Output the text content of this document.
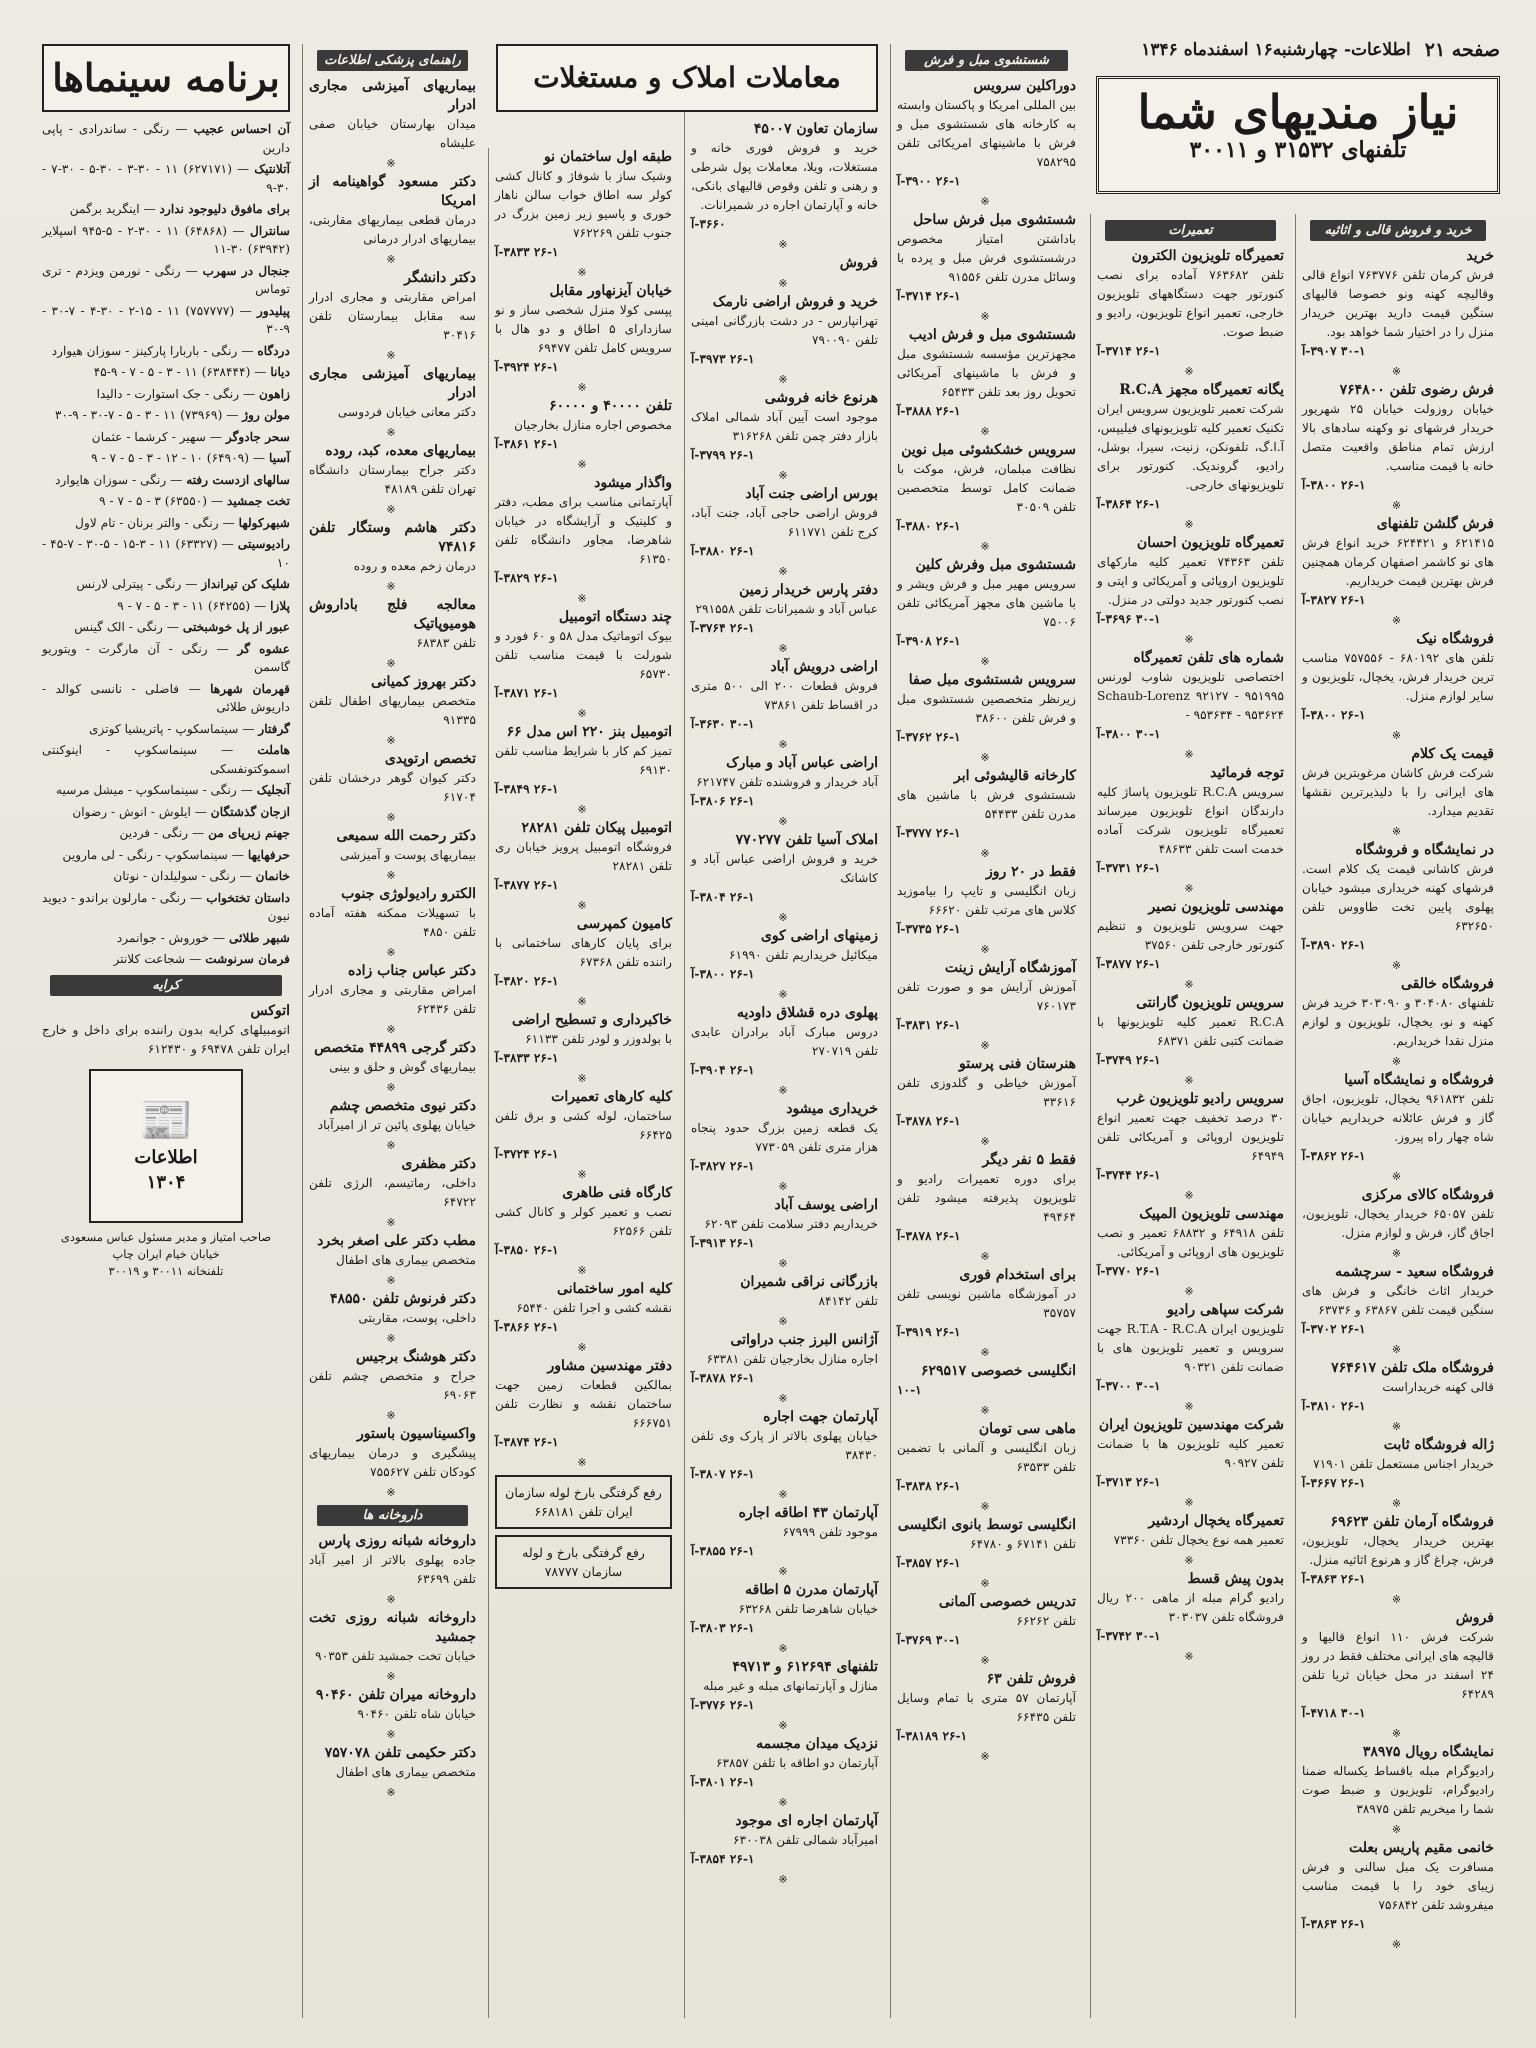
صفحه ۲۱
اطلاعات- چهارشنبه۱۶ اسفندماه ۱۳۴۶
خرید و فروش قالی و اثاثیه
خرید
فرش کرمان تلفن ۷۶۳۷۷۶ انواع قالی وقالیچه کهنه ونو خصوصا قالیهای سنگین قیمت دارید بهترین خریدار منزل را در اختیار شما خواهد بود.
۳۰-۱ ۳۹۰۷-آ
※
فرش رضوی تلفن ۷۶۴۸۰۰
خیابان روزولت خیابان ۲۵ شهریور خریدار فرشهای نو وکهنه سادهای بالا ارزش تمام مناطق واقعیت متصل خانه با قیمت مناسب.
۲۶-۱ ۳۸۰۰-آ
※
فرش گلشن تلفنهای
۶۲۱۴۱۵ و ۶۲۴۴۲۱ خرید انواع فرش های نو کاشمر اصفهان کرمان همچنین فرش بهترین قیمت خریداریم.
۲۶-۱ ۳۸۲۷-آ
※
فروشگاه نیک
تلفن های ۶۸۰۱۹۲ - ۷۵۷۵۵۶ مناسب ترین خریدار فرش، یخچال، تلویزیون و سایر لوازم منزل.
۲۶-۱ ۳۸۰۰-آ
※
قیمت یک کلام
شرکت فرش کاشان مرغوبترین فرش های ایرانی را با دلیذیرترین نقشها تقدیم میدارد.
※
در نمایشگاه و فروشگاه
فرش کاشانی قیمت یک کلام است. فرشهای کهنه خریداری میشود خیابان پهلوی پایین تخت طاووس تلفن ۶۳۲۶۵۰
۲۶-۱ ۳۸۹۰-آ
※
فروشگاه خالقی
تلفنهای ۳۰۴۰۸۰ و ۳۰۳۰۹۰ خرید فرش کهنه و نو، یخچال، تلویزیون و لوازم منزل نقدا خریداریم.
※
فروشگاه و نمایشگاه آسیا
تلفن ۹۶۱۸۳۲ یخچال، تلویزیون، اجاق گاز و فرش عائلانه خریداریم خیابان شاه چهار راه پیروز.
۲۶-۱ ۳۸۶۲-آ
※
فروشگاه کالای مرکزی
تلفن ۶۵۰۵۷ خریدار یخچال، تلویزیون، اجاق گاز، فرش و لوازم منزل.
※
فروشگاه سعید - سرچشمه
خریدار اثاث خانگی و فرش های سنگین قیمت تلفن ۶۳۸۶۷ و ۶۳۷۳۶
۲۶-۱ ۳۷۰۲-آ
※
فروشگاه ملک تلفن ۷۶۴۶۱۷
قالی کهنه خریداراست
۲۶-۱ ۳۸۱۰-آ
※
ژاله فروشگاه ثابت
خریدار اجناس مستعمل تلفن ۷۱۹۰۱
۲۶-۱ ۳۶۶۷-آ
※
فروشگاه آرمان تلفن ۶۹۶۲۳
بهترین خریدار یخچال، تلویزیون، فرش، چراغ گاز و هرنوع اثاثیه منزل.
۲۶-۱ ۳۸۶۳-آ
※
فروش
شرکت فرش ۱۱۰ انواع قالیها و قالیچه های ایرانی مختلف فقط در روز ۲۴ اسفند در محل خیابان ثریا تلفن ۶۴۲۸۹
۳۰-۱ ۴۷۱۸-آ
※
نمایشگاه رویال ۳۸۹۷۵
رادیوگرام مبله باقساط یکساله ضمنا رادیوگرام، تلویزیون و ضبط صوت شما را میخریم تلفن ۳۸۹۷۵
※
خانمی مقیم پاریس بعلت
مسافرت یک مبل سالنی و فرش زیبای خود را با قیمت مناسب میفروشد تلفن ۷۵۶۸۴۲
۲۶-۱ ۳۸۶۳-آ
※
تعمیرات
تعمیرگاه تلویزیون الکترون
تلفن ۷۶۳۶۸۲ آماده برای نصب کنورتور جهت دستگاههای تلویزیون خارجی، تعمیر انواع تلویزیون، رادیو و ضبط صوت.
۲۶-۱ ۳۷۱۴-آ
※
یگانه تعمیرگاه مجهز R.C.A
شرکت تعمیر تلویزیون سرویس ایران تکنیک تعمیر کلیه تلویزیونهای فیلیپس، آ.ا.گ، تلفونکن، زنیت، سیرا، بوشل، رادیو، گروندیک. کنورتور برای تلویزیونهای خارجی.
۲۶-۱ ۳۸۶۴-آ
※
تعمیرگاه تلویزیون احسان
تلفن ۷۴۳۶۳ تعمیر کلیه مارکهای تلویزیون اروپائی و آمریکائی و اپتی و نصب کنورتور جدید دولتی در منزل.
۳۰-۱ ۳۶۹۶-آ
※
شماره های تلفن تعمیرگاه
اختصاصی تلویزیون شاوب لورنس Schaub-Lorenz ۹۲۱۲۷ - ۹۵۱۹۹۵ - ۹۵۳۶۳۴ - ۹۵۳۶۲۴
۳۰-۱ ۳۸۰۰-آ
※
توجه فرمائید
سرویس R.C.A تلویزیون پاساژ کلیه دارندگان انواع تلویزیون میرساند تعمیرگاه تلویزیون شرکت آماده خدمت است تلفن ۴۸۶۳۳
۲۶-۱ ۳۷۳۱-آ
※
مهندسی تلویزیون نصیر
جهت سرویس تلویزیون و تنظیم کنورتور خارجی تلفن ۳۷۵۶۰
۲۶-۱ ۳۸۷۷-آ
※
سرویس تلویزیون گارانتی
R.C.A تعمیر کلیه تلویزیونها با ضمانت کتبی تلفن ۶۸۳۷۱
۲۶-۱ ۳۷۴۹-آ
※
سرویس رادیو تلویزیون غرب
۳۰ درصد تخفیف جهت تعمیر انواع تلویزیون اروپائی و آمریکائی تلفن ۶۴۹۴۹
۲۶-۱ ۳۷۴۴-آ
※
مهندسی تلویزیون المپیک
تلفن ۶۴۹۱۸ و ۶۸۸۳۲ تعمیر و نصب تلویزیون های اروپائی و آمریکائی.
۲۶-۱ ۳۷۷۰-آ
※
شرکت سپاهی رادیو
تلویزیون ایران R.T.A - R.C.A جهت سرویس و تعمیر تلویزیون های با ضمانت تلفن ۹۰۳۲۱
۳۰-۱ ۳۷۰۰-آ
※
شرکت مهندسین تلویزیون ایران
تعمیر کلیه تلویزیون ها با ضمانت تلفن ۹۰۹۲۷
۲۶-۱ ۳۷۱۳-آ
※
تعمیرگاه یخچال اردشیر
تعمیر همه نوع یخچال تلفن ۷۳۳۶۰
※
بدون پیش قسط
رادیو گرام مبله از ماهی ۲۰۰ ریال فروشگاه تلفن ۳۰۳۰۳۷
۳۰-۱ ۳۷۴۲-آ
※
شستشوی مبل و فرش
دوراکلین سرویس
بین المللی امریکا و پاکستان وابسته به کارخانه های شستشوی مبل و فرش با ماشینهای امریکائی تلفن ۷۵۸۲۹۵
۲۶-۱ ۳۹۰۰-آ
※
شستشوی مبل فرش ساحل
باداشتن امتیاز مخصوص درشستشوی فرش مبل و پرده با وسائل مدرن تلفن ۹۱۵۵۶
۲۶-۱ ۳۷۱۴-آ
※
شستشوی مبل و فرش ادیب
مجهزترین مؤسسه شستشوی مبل و فرش با ماشینهای آمریکائی تحویل روز بعد تلفن ۶۵۴۳۳
۲۶-۱ ۳۸۸۸-آ
※
سرویس خشکشوئی مبل نوین
نظافت مبلمان، فرش، موکت با ضمانت کامل توسط متخصصین تلفن ۳۰۵۰۹
۲۶-۱ ۳۸۸۰-آ
※
شستشوی مبل وفرش کلین
سرویس مهیر مبل و فرش ویشر و با ماشین های مجهز آمریکائی تلفن ۷۵۰۰۶
۲۶-۱ ۳۹۰۸-آ
※
سرویس شستشوی مبل صفا
زیرنظر متخصصین شستشوی مبل و فرش تلفن ۳۸۶۰۰
۲۶-۱ ۳۷۶۲-آ
※
کارخانه قالیشوئی ابر
شستشوی فرش با ماشین های مدرن تلفن ۵۴۴۳۳
۲۶-۱ ۳۷۷۷-آ
※
فقط در ۲۰ روز
زبان انگلیسی و تایپ را بیاموزید کلاس های مرتب تلفن ۶۶۶۲۰
۲۶-۱ ۳۷۳۵-آ
※
آموزشگاه آرایش زینت
آموزش آرایش مو و صورت تلفن ۷۶۰۱۷۳
۲۶-۱ ۳۸۳۱-آ
※
هنرستان فنی پرستو
آموزش خیاطی و گلدوزی تلفن ۳۳۶۱۶
۲۶-۱ ۳۸۷۸-آ
※
فقط ۵ نفر دیگر
برای دوره تعمیرات رادیو و تلویزیون پذیرفته میشود تلفن ۴۹۴۶۴
۲۶-۱ ۳۸۷۸-آ
※
برای استخدام فوری
در آموزشگاه ماشین نویسی تلفن ۳۵۷۵۷
۲۶-۱ ۳۹۱۹-آ
※
انگلیسی خصوصی ۶۲۹۵۱۷
۱۰-۱
※
ماهی سی تومان
زبان انگلیسی و آلمانی با تضمین تلفن ۶۳۵۳۳
۲۶-۱ ۳۸۳۸-آ
※
انگلیسی توسط بانوی انگلیسی
تلفن ۶۷۱۴۱ و ۶۴۷۸۰
۲۶-۱ ۳۸۵۷-آ
※
تدریس خصوصی آلمانی
تلفن ۶۶۲۶۲
۳۰-۱ ۳۷۶۹-آ
※
فروش تلفن ۶۳
آپارتمان ۵۷ متری با تمام وسایل تلفن ۶۶۴۳۵
۲۶-۱ ۳۸۱۸۹-آ
※
معاملات املاک و مستغلات
سازمان تعاون ۴۵۰۰۷
خرید و فروش فوری خانه و مستغلات، ویلا، معاملات پول شرطی و رهنی و تلفن وقوص قالیهای بانکی، خانه و آپارتمان اجاره در شمیرانات.
۳۶۶۰-آ
※
فروش
※
خرید و فروش اراضی نارمک
تهرانپارس - در دشت بازرگانی امینی تلفن ۷۹۰۰۹۰
۲۶-۱ ۳۹۷۳-آ
※
هرنوع خانه فروشی
موجود است آیین آباد شمالی املاک بازار دفتر چمن تلفن ۳۱۶۲۶۸
۲۶-۱ ۳۷۹۹-آ
※
بورس اراضی جنت آباد
فروش اراضی حاجی آباد، جنت آباد، کرج تلفن ۶۱۱۷۷۱
۲۶-۱ ۳۸۸۰-آ
※
دفتر پارس خریدار زمین
عباس آباد و شمیرانات تلفن ۲۹۱۵۵۸
۲۶-۱ ۳۷۶۴-آ
※
اراضی درویش آباد
فروش قطعات ۲۰۰ الی ۵۰۰ متری در اقساط تلفن ۷۳۸۶۱
۳۰-۱ ۳۶۳۰-آ
※
اراضی عباس آباد و مبارک
آباد خریدار و فروشنده تلفن ۶۲۱۷۴۷
۲۶-۱ ۳۸۰۶-آ
※
املاک آسیا تلفن ۷۷۰۲۷۷
خرید و فروش اراضی عباس آباد و کاشانک
۲۶-۱ ۳۸۰۴-آ
※
زمینهای اراضی کوی
میکائیل خریداریم تلفن ۶۱۹۹۰
۲۶-۱ ۳۸۰۰-آ
※
پهلوی دره قشلاق داودیه
دروس مبارک آباد برادران عابدی تلفن ۲۷۰۷۱۹
۲۶-۱ ۳۹۰۴-آ
※
خریداری میشود
یک قطعه زمین بزرگ حدود پنجاه هزار متری تلفن ۷۷۳۰۵۹
۲۶-۱ ۳۸۲۷-آ
※
اراضی یوسف آباد
خریداریم دفتر سلامت تلفن ۶۲۰۹۳
۲۶-۱ ۳۹۱۳-آ
※
بازرگانی نراقی شمیران
تلفن ۸۴۱۴۲
※
آژانس البرز جنب دراواتی
اجاره منازل بخارجیان تلفن ۶۳۳۸۱
۲۶-۱ ۳۸۷۸-آ
※
آپارتمان جهت اجاره
خیابان پهلوی بالاتر از پارک وی تلفن ۳۸۴۳۰
۲۶-۱ ۳۸۰۷-آ
※
آپارتمان ۴۳ اطاقه اجاره
موجود تلفن ۶۷۹۹۹
۲۶-۱ ۳۸۵۵-آ
※
آپارتمان مدرن ۵ اطاقه
خیابان شاهرضا تلفن ۶۳۲۶۸
۲۶-۱ ۳۸۰۳-آ
※
تلفنهای ۶۱۲۶۹۴ و ۴۹۷۱۳
منازل و آپارتمانهای مبله و غیر مبله
۲۶-۱ ۳۷۷۶-آ
※
نزدیک میدان مجسمه
آپارتمان دو اطاقه با تلفن ۶۳۸۵۷
۲۶-۱ ۳۸۰۱-آ
※
آپارتمان اجاره ای موجود
امیرآباد شمالی تلفن ۶۳۰۰۳۸
۲۶-۱ ۳۸۵۴-آ
※
طبقه اول ساختمان نو
وشیک ساز با شوفاژ و کانال کشی کولر سه اطاق خواب سالن ناهار خوری و پاسیو زیر زمین بزرگ در جنوب تلفن ۷۶۲۲۶۹
۲۶-۱ ۳۸۳۳-آ
※
خیابان آیزنهاور مقابل
پپسی کولا منزل شخصی ساز و نو سازدارای ۵ اطاق و دو هال با سرویس کامل تلفن ۶۹۴۷۷
۲۶-۱ ۳۹۲۴-آ
※
تلفن ۴۰۰۰۰ و ۶۰۰۰۰
مخصوص اجاره منازل بخارجیان
۲۶-۱ ۳۸۶۱-آ
※
واگذار میشود
آپارتمانی مناسب برای مطب، دفتر و کلینیک و آرایشگاه در خیابان شاهرضا، مجاور دانشگاه تلفن ۶۱۳۵۰
۲۶-۱ ۳۸۲۹-آ
※
چند دستگاه اتومبیل
بیوک اتوماتیک مدل ۵۸ و ۶۰ فورد و شورلت با قیمت مناسب تلفن ۶۵۷۳۰
۲۶-۱ ۳۸۷۱-آ
※
اتومبیل بنز ۲۲۰ اس مدل ۶۶
تمیز کم کار با شرایط مناسب تلفن ۶۹۱۳۰
۲۶-۱ ۳۸۴۹-آ
※
اتومبیل پیکان تلفن ۲۸۲۸۱
فروشگاه اتومبیل پرویز خیابان ری تلفن ۲۸۲۸۱
۲۶-۱ ۳۸۷۷-آ
※
کامیون کمپرسی
برای پایان کارهای ساختمانی با راننده تلفن ۶۷۳۶۸
۲۶-۱ ۳۸۲۰-آ
※
خاکبرداری و تسطیح اراضی
با بولدوزر و لودر تلفن ۶۱۱۳۳
۲۶-۱ ۳۸۳۳-آ
※
کلیه کارهای تعمیرات
ساختمان، لوله کشی و برق تلفن ۶۶۴۲۵
۲۶-۱ ۳۷۲۴-آ
※
کارگاه فنی طاهری
نصب و تعمیر کولر و کانال کشی تلفن ۶۲۵۶۶
۲۶-۱ ۳۸۵۰-آ
※
کلیه امور ساختمانی
نقشه کشی و اجرا تلفن ۶۵۴۴۰
۲۶-۱ ۳۸۶۶-آ
※
دفتر مهندسین مشاور
بمالکین قطعات زمین جهت ساختمان نقشه و نظارت تلفن ۶۶۶۷۵۱
۲۶-۱ ۳۸۷۴-آ
※
رفع گرفتگی بارخ لوله سازمان ایران تلفن ۶۶۸۱۸۱
رفع گرفتگی بارخ و لوله سازمان ۷۸۷۷۷
راهنمای پزشکی اطلاعات
بیماریهای آمیزشی مجاری ادرار
میدان بهارستان خیابان صفی علیشاه
※
دکتر مسعود گواهینامه از امریکا
درمان قطعی بیماریهای مقاربتی، بیماریهای ادرار درمانی
※
دکتر دانشگر
امراض مقاربتی و مجاری ادرار سه مقابل بیمارستان تلفن ۳۰۴۱۶
※
بیماریهای آمیزشی مجاری ادرار
دکتر معانی خیابان فردوسی
※
بیماریهای معده، کبد، روده
دکتر جراح بیمارستان دانشگاه تهران تلفن ۴۸۱۸۹
※
دکتر هاشم وستگار تلفن ۷۴۸۱۶
درمان زخم معده و روده
※
معالجه فلج باداروش هومیوپاتیک
تلفن ۶۸۳۸۳
※
دکتر بهروز کمیانی
متخصص بیماریهای اطفال تلفن ۹۱۳۳۵
※
تخصص ارتوپدی
دکتر کیوان گوهر درخشان تلفن ۶۱۷۰۴
※
دکتر رحمت الله سمیعی
بیماریهای پوست و آمیزشی
※
الکترو رادیولوژی جنوب
با تسهیلات ممکنه هفته آماده تلفن ۴۸۵۰
※
دکتر عباس جناب زاده
امراض مقاربتی و مجاری ادرار تلفن ۶۲۴۳۶
※
دکتر گرجی ۴۴۸۹۹ متخصص
بیماریهای گوش و حلق و بینی
※
دکتر نیوی متخصص چشم
خیابان پهلوی پائین تر از امیرآباد
※
دکتر مظفری
داخلی، رماتیسم، الرژی تلفن ۶۴۷۲۲
※
مطب دکتر علی اصغر بخرد
متخصص بیماری های اطفال
※
دکتر فرنوش تلفن ۴۸۵۵۰
داخلی، پوست، مقاربتی
※
دکتر هوشنگ برجیس
جراح و متخصص چشم تلفن ۶۹۰۶۳
※
واکسیناسیون باستور
پیشگیری و درمان بیماریهای کودکان تلفن ۷۵۵۶۲۷
※
داروخانه ها
داروخانه شبانه روزی پارس
جاده پهلوی بالاتر از امیر آباد تلفن ۶۳۶۹۹
※
داروخانه شبانه روزی تخت جمشید
خیابان تخت جمشید تلفن ۹۰۳۵۳
※
داروخانه میران تلفن ۹۰۴۶۰
خیابان شاه تلفن ۹۰۴۶۰
※
دکتر حکیمی تلفن ۷۵۷۰۷۸
متخصص بیماری های اطفال
※
برنامه سینماها
آن احساس عجیب — رنگی - ساندرادی - پاپی دارین
آتلانتیک — (۶۲۷۱۷۱) ۱۱ - ۳۰-۳ - ۳۰-۵ - ۳۰-۷ - ۳۰-۹
برای مافوق دلیوجود ندارد — اینگرید برگمن
سانترال — (۶۴۸۶۸) ۱۱ - ۳۰-۲ - ۵-۹۴۵ اسپلایر (۶۳۹۴۲) ۳۰-۱۱
جنجال در سهرب — رنگی - نورمن ویزدم - تری توماس
پیلیدور — (۷۵۷۷۷۷) ۱۱ - ۱۵-۲ - ۳۰-۴ - ۷-۳۰ - ۹-۳۰
دردگاه — رنگی - باربارا پارکینز - سوزان هیوارد
دیانا — (۶۳۸۴۴۴) ۱۱ - ۳ - ۵ - ۷ - ۹-۴۵
زاهون — رنگی - جک استوارت - دالیدا
مولن روژ — (۷۳۹۶۹) ۱۱ - ۳ - ۵ - ۷-۳۰ - ۹-۳۰
سحر جادوگر — سهیر - کرشما - عثمان
آسیا — (۶۴۹۰۹) ۱۰ - ۱۲ - ۳ - ۵ - ۷ - ۹
سالهای ازدست رفته — رنگی - سوزان هایوارد
تخت جمشید — (۶۳۵۵۰) ۳ - ۵ - ۷ - ۹
شبهرکولها — رنگی - والتر برنان - تام لاول
رادیوسیتی — (۶۳۳۲۷) ۱۱ - ۳-۱۵ - ۵-۳۰ - ۷-۴۵ - ۱۰
شلیک کن تیرانداز — رنگی - پیترلی لارنس
پلازا — (۶۴۲۵۵) ۱۱ - ۳ - ۵ - ۷ - ۹
عبور از پل خوشبختی — رنگی - الک گینس
عشوه گر — رنگی - آن مارگرت - ویتوریو گاسمن
قهرمان شهرها — فاضلی - نانسی کوالد - داریوش طلائی
گرفتار — سینماسکوپ - پاتریشیا کوتزی
هاملت — سینماسکوپ - اینوکنتی اسموکتونفسکی
آنجلیک — رنگی - سینماسکوپ - میشل مرسیه
ازجان گذشتگان — ایلوش - انوش - رضوان
جهنم زیرپای من — رنگی - فردین
حرفهایها — سینماسکوپ - رنگی - لی ماروین
خانمان — رنگی - سولیلدان - نوتان
داستان تختخواب — رنگی - مارلون براندو - دیوید نیون
شبهر طلائی — خوروش - جوانمرد
فرمان سرنوشت — شجاعت کلانتر
کرایه
اتوکس
اتومبیلهای کرایه بدون راننده برای داخل و خارج ایران تلفن ۶۹۴۷۸ و ۶۱۲۴۳۰
📰
اطلاعات
۱۳۰۴
صاحب امتیاز و مدیر مسئول عباس مسعودی
خیابان خیام ایران چاپ
تلفنخانه ۳۰۰۱۱ و ۳۰۰۱۹
نیاز مندیهای شما
تلفنهای ۳۱۵۳۲ و ۳۰۰۱۱
